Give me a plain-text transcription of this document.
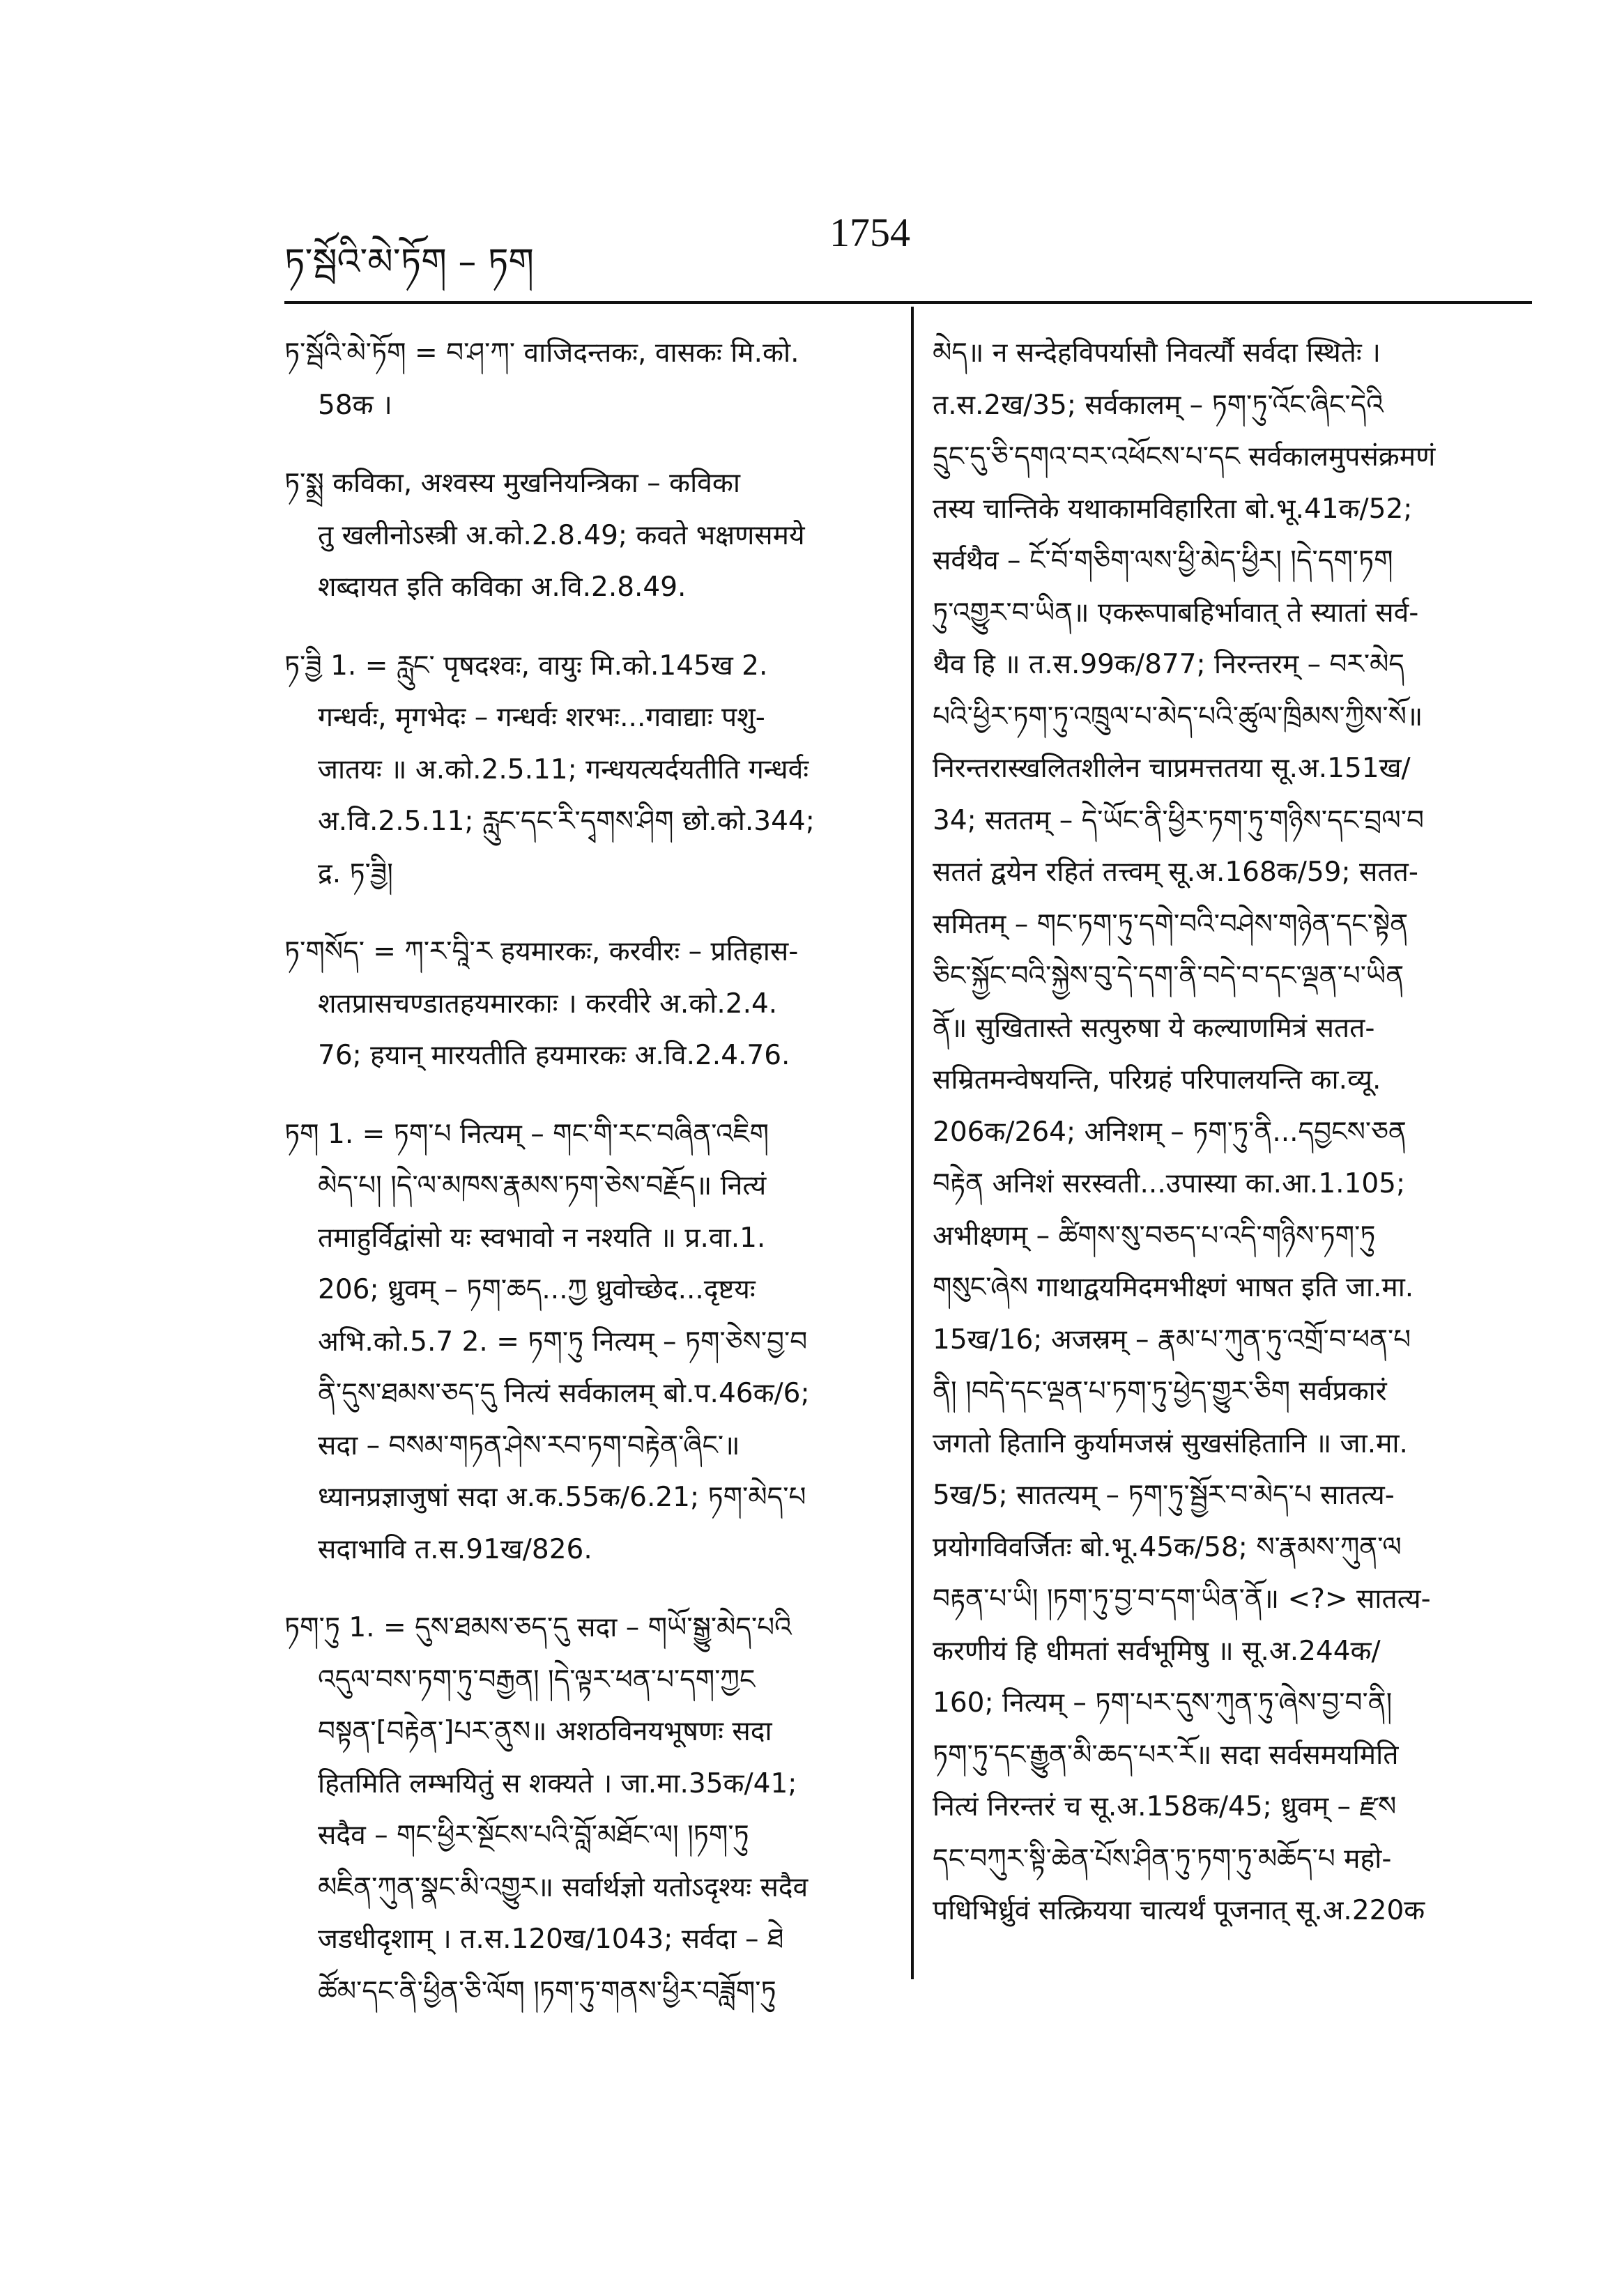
ཏ་སྦོའི་མེ་ཏོག – ཏག
1754
ཏ་སྦོའི་མེ་ཏོག = བ་ཤ་ཀ་ वाजिदन्तकः, वासकः मि.को.
58क ।
ཏ་སྨྲ कविका, अश्वस्य मुखनियन्त्रिका – कविका
तु खलीनोऽस्त्री अ.को.2.8.49; कवते भक्षणसमये
शब्दायत इति कविका अ.वि.2.8.49.
ཏ་ཟྱི 1. = རླུང་ पृषदश्वः, वायुः मि.को.145ख 2.
गन्धर्वः, मृगभेदः – गन्धर्वः शरभः...गवाद्याः पशु-
जातयः ॥ अ.को.2.5.11; गन्धयत्यर्दयतीति गन्धर्वः
अ.वि.2.5.11; རླུང་དང་རི་དྭགས་ཤིག छो.को.344;
द्र. ཏ་ཟྱི།
ཏ་གསོད་ = ཀ་ར་བཱི་ར हयमारकः, करवीरः – प्रतिहास-
शतप्रासचण्डातहयमारकाः । करवीरे अ.को.2.4.
76; हयान् मारयतीति हयमारकः अ.वि.2.4.76.
ཏག 1. = ཏག་པ नित्यम् – གང་གི་རང་བཞིན་འཇིག
མེད་པ། །དེ་ལ་མཁས་རྣམས་ཏག་ཅེས་བརྗོད॥ नित्यं
तमाहुर्विद्वांसो यः स्वभावो न नश्यति ॥ प्र.वा.1.
206; ध्रुवम् – ཏག་ཆད...ཀྱ ध्रुवोच्छेद...दृष्टयः
अभि.को.5.7 2. = ཏག་ཏུ नित्यम् – ཏག་ཅེས་བྱ་བ
ནི་དུས་ཐམས་ཅད་དུ नित्यं सर्वकालम् बो.प.46क/6;
सदा – བསམ་གཏན་ཤེས་རབ་ཏག་བརྟེན་ཞིང་॥
ध्यानप्रज्ञाजुषां सदा अ.क.55क/6.21; ཏག་མེད་པ
सदाभावि त.स.91ख/826.
ཏག་ཏུ 1. = དུས་ཐམས་ཅད་དུ सदा – གཡོ་སྒྱུ་མེད་པའི
འདུལ་བས་ཏག་ཏུ་བརྒྱན། །དེ་ལྟར་ཕན་པ་དག་ཀྱང
བསྟན་[བརྟེན་]པར་ནུས॥ अशठविनयभूषणः सदा
हितमिति लम्भयितुं स शक्यते । जा.मा.35क/41;
सदैव – གང་ཕྱིར་སྔོངས་པའི་བློ་མཐོང་ལ། །ཏག་ཏུ
མཇིན་ཀུན་སྣང་མི་འགྱུར॥ सर्वार्थज्ञो यतोऽदृश्यः सदैव
जडधीदृशाम् । त.स.120ख/1043; सर्वदा – ཐེ
ཚོམ་དང་ནི་ཕྱིན་ཅི་ལོག །ཏག་ཏུ་གནས་ཕྱིར་བཟློག་ཏུ
མེད॥ न सन्देहविपर्यासौ निवर्त्यौ सर्वदा स्थितेः ।
त.स.2ख/35; सर्वकालम् – ཏག་ཏུ་འོང་ཞིང་དེའི
དྲུང་དུ་ཅི་དགའ་བར་འཕོངས་པ་དང सर्वकालमुपसंक्रमणं
तस्य चान्तिके यथाकामविहारिता बो.भू.41क/52;
सर्वथैव – ངོ་བོ་གཅིག་ལས་ཕྱི་མེད་ཕྱིར། །དེ་དག་ཏག
ཏུ་འགྱུར་བ་ཡིན॥ एकरूपाबहिर्भावात् ते स्यातां सर्व-
थैव हि ॥ त.स.99क/877; निरन्तरम् – བར་མེད
པའི་ཕྱིར་ཏག་ཏུ་འཁྲུལ་པ་མེད་པའི་ཚུལ་ཁྲིམས་ཀྱིས་སོ॥
निरन्तरास्खलितशीलेन चाप्रमत्ततया सू.अ.151ख/
34; सततम् – དེ་ཡོང་ནི་ཕྱིར་ཏག་ཏུ་གཉིས་དང་བྲལ་བ
सततं द्वयेन रहितं तत्त्वम् सू.अ.168क/59; सतत-
समितम् – གང་ཏག་ཏུ་དགེ་བའི་བཤེས་གཉེན་དང་སྟེན
ཅིང་སྐྱོང་བའི་སྐྱེས་བུ་དེ་དག་ནི་བདེ་བ་དང་ལྡན་པ་ཡིན
ནོ॥ सुखितास्ते सत्पुरुषा ये कल्याणमित्रं सतत-
सम्रितमन्वेषयन्ति, परिग्रहं परिपालयन्ति का.व्यू.
206क/264; अनिशम् – ཏག་ཏུ་ནི...དབྱངས་ཅན
བརྟེན अनिशं सरस्वती...उपास्या का.आ.1.105;
अभीक्ष्णम् – ཚིགས་སུ་བཅད་པ་འདི་གཉིས་ཏག་ཏུ
གསུང་ཞེས गाथाद्वयमिदमभीक्ष्णं भाषत इति जा.मा.
15ख/16; अजस्रम् – རྣམ་པ་ཀུན་ཏུ་འགྲོ་བ་ཕན་པ
ནི། །བདེ་དང་ལྡན་པ་ཏག་ཏུ་ཕྱེད་གྱུར་ཅིག सर्वप्रकारं
जगतो हितानि कुर्यामजस्रं सुखसंहितानि ॥ जा.मा.
5ख/5; सातत्यम् – ཏག་ཏུ་སྦྱོར་བ་མེད་པ सातत्य-
प्रयोगविवर्जितः बो.भू.45क/58; ས་རྣམས་ཀུན་ལ
བརྟན་པ་ཡི། །ཏག་ཏུ་བྱ་བ་དག་ཡིན་ནོ॥ <?> सातत्य-
करणीयं हि धीमतां सर्वभूमिषु ॥ सू.अ.244क/
160; नित्यम् – ཏག་པར་དུས་ཀུན་ཏུ་ཞེས་བྱ་བ་ནི།
ཏག་ཏུ་དང་རྒྱུན་མི་ཆད་པར་རོ॥ सदा सर्वसमयमिति
नित्यं निरन्तरं च सू.अ.158क/45; ध्रुवम् – རྫས
དང་བཀུར་སྟི་ཆེན་པོས་ཤིན་ཏུ་ཏག་ཏུ་མཆོད་པ महो-
पधिभिर्ध्रुवं सत्क्रियया चात्यर्थं पूजनात् सू.अ.220क
